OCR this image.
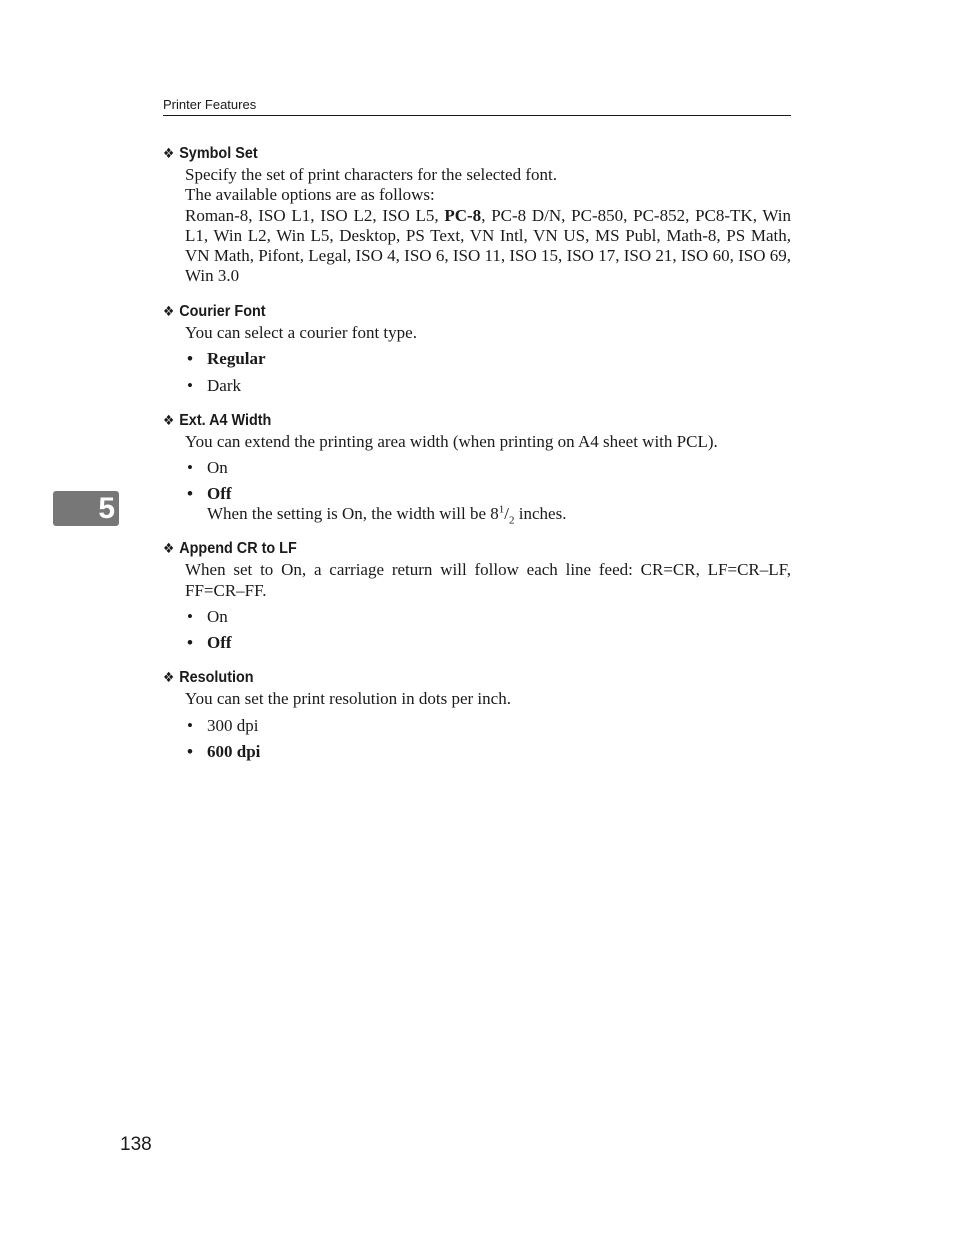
Printer Features
❖ Symbol Set

Specify the set of print characters for the selected font.

The available options are as follows:

Roman-8, ISO L1, ISO L2, ISO L5, PC-8, PC-8 D/N, PC-850, PC-852, PC8-TK, Win L1, Win L2, Win L5, Desktop, PS Text, VN Intl, VN US, MS Publ, Math-8, PS Math, VN Math, Pifont, Legal, ISO 4, ISO 6, ISO 11, ISO 15, ISO 17, ISO 21, ISO 60, ISO 69, Win 3.0

❖ Courier Font

You can select a courier font type.

• Regular
• Dark
❖ Ext. A4 Width

You can extend the printing area width (when printing on A4 sheet with PCL).

• On
• Off
When the setting is On, the width will be $8^1/_2$ inches.
❖ Append CR to LF

When set to On, a carriage return will follow each line feed: CR=CR, LF=CR–LF, FF=CR–FF.

• On
• Off
❖ Resolution

You can set the print resolution in dots per inch.

• 300 dpi
• 600 dpi
5
138
